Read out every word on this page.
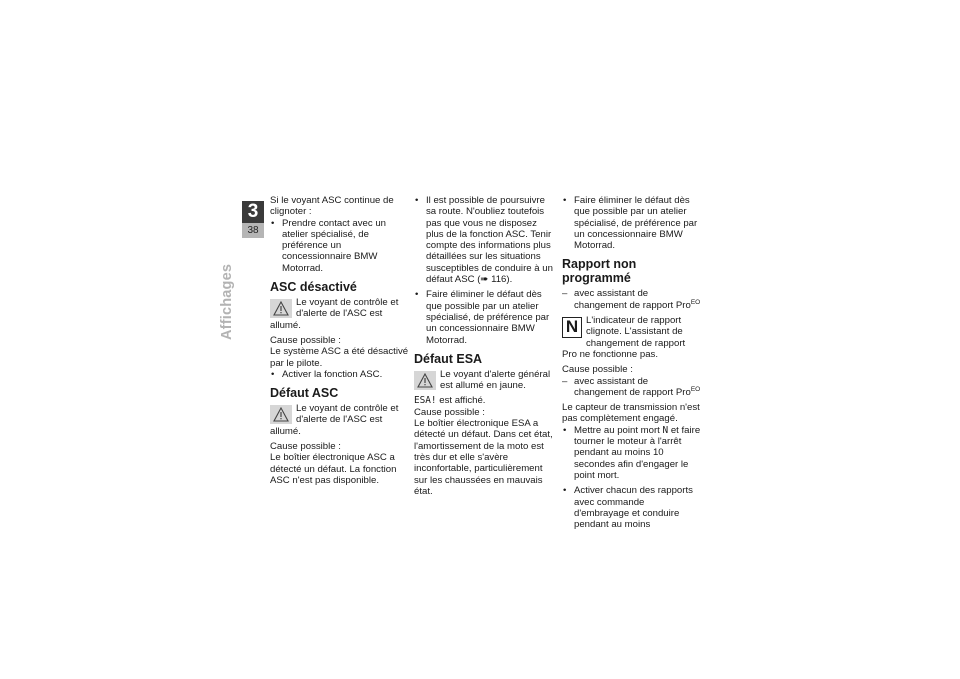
3
38
Affichages

Si le voyant ASC continue de clignoter :

• Prendre contact avec un atelier spécialisé, de préférence un concessionnaire BMW Motorrad.
ASC désactivé
Le voyant de contrôle et d'alerte de l'ASC est allumé.

Cause possible :

Le système ASC a été désactivé par le pilote.

• Activer la fonction ASC.
Défaut ASC
Le voyant de contrôle et d'alerte de l'ASC est allumé.

Cause possible :

Le boîtier électronique ASC a détecté un défaut. La fonction ASC n'est pas disponible.

• Il est possible de poursuivre sa route. N'oubliez toutefois pas que vous ne disposez plus de la fonction ASC. Tenir compte des informations plus détaillées sur les situations susceptibles de conduire à un défaut ASC (➠ 116).
• Faire éliminer le défaut dès que possible par un atelier spécialisé, de préférence par un concessionnaire BMW Motorrad.
Défaut ESA
Le voyant d'alerte général est allumé en jaune.

ESA! est affiché.

Cause possible :

Le boîtier électronique ESA a détecté un défaut. Dans cet état, l'amortissement de la moto est très dur et elle s'avère inconfortable, particulièrement sur les chaussées en mauvais état.

• Faire éliminer le défaut dès que possible par un atelier spécialisé, de préférence par un concessionnaire BMW Motorrad.
Rapport non programmé
– avec assistant de changement de rapport Pro$^{EO}$
N L'indicateur de rapport clignote. L'assistant de changement de rapport Pro ne fonctionne pas.

Cause possible :

– avec assistant de changement de rapport Pro$^{EO}$

Le capteur de transmission n'est pas complètement engagé.

• Mettre au point mort N et faire tourner le moteur à l'arrêt pendant au moins 10 secondes afin d'engager le point mort.
• Activer chacun des rapports avec commande d'embrayage et conduire pendant au moins
